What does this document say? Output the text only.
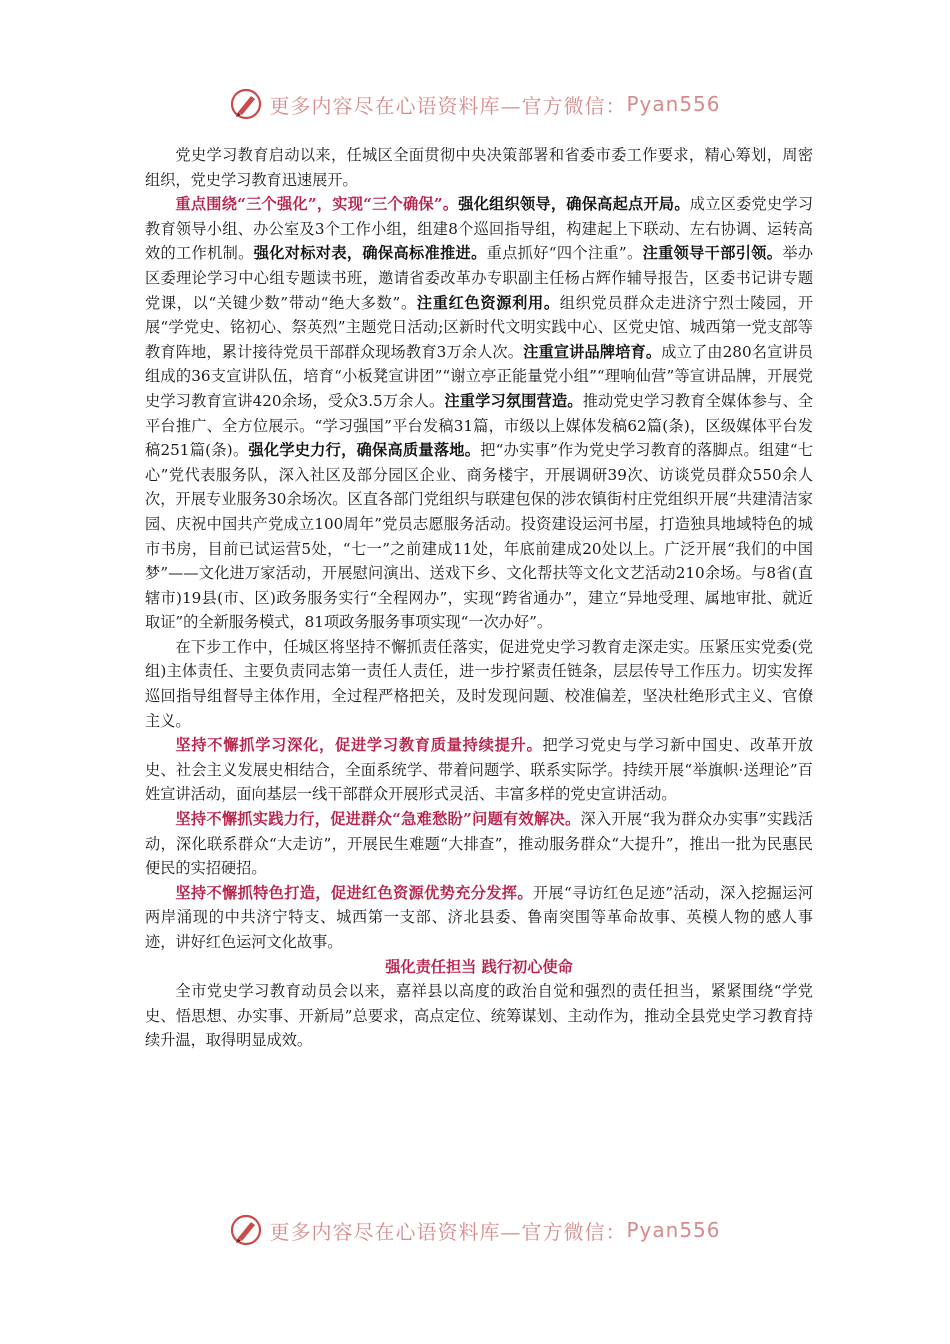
更多内容尽在心语资料库—官方微信： Pyan556

党史学习教育启动以来，任城区全面贯彻中央决策部署和省委市委工作要求，精心筹划，周密组织，党史学习教育迅速展开。

重点围绕“三个强化”，实现“三个确保”。强化组织领导，确保高起点开局。成立区委党史学习教育领导小组、办公室及3个工作小组，组建8个巡回指导组，构建起上下联动、左右协调、运转高效的工作机制。强化对标对表，确保高标准推进。重点抓好“四个注重”。注重领导干部引领。举办区委理论学习中心组专题读书班，邀请省委改革办专职副主任杨占辉作辅导报告，区委书记讲专题党课，以“关键少数”带动“绝大多数”。注重红色资源利用。组织党员群众走进济宁烈士陵园，开展“学党史、铭初心、祭英烈”主题党日活动;区新时代文明实践中心、区党史馆、城西第一党支部等教育阵地，累计接待党员干部群众现场教育3万余人次。注重宣讲品牌培育。成立了由280名宣讲员组成的36支宣讲队伍，培育“小板凳宣讲团”“谢立亭正能量党小组”“理响仙营”等宣讲品牌，开展党史学习教育宣讲420余场，受众3.5万余人。注重学习氛围营造。推动党史学习教育全媒体参与、全平台推广、全方位展示。“学习强国”平台发稿31篇，市级以上媒体发稿62篇(条)，区级媒体平台发稿251篇(条)。强化学史力行，确保高质量落地。把“办实事”作为党史学习教育的落脚点。组建“七心”党代表服务队，深入社区及部分园区企业、商务楼宇，开展调研39次、访谈党员群众550余人次，开展专业服务30余场次。区直各部门党组织与联建包保的涉农镇街村庄党组织开展“共建清洁家园、庆祝中国共产党成立100周年”党员志愿服务活动。投资建设运河书屋，打造独具地域特色的城市书房，目前已试运营5处，“七一”之前建成11处，年底前建成20处以上。广泛开展“我们的中国梦”——文化进万家活动，开展慰问演出、送戏下乡、文化帮扶等文化文艺活动210余场。与8省(直辖市)19县(市、区)政务服务实行“全程网办”，实现“跨省通办”，建立“异地受理、属地审批、就近取证”的全新服务模式，81项政务服务事项实现“一次办好”。

在下步工作中，任城区将坚持不懈抓责任落实，促进党史学习教育走深走实。压紧压实党委(党组)主体责任、主要负责同志第一责任人责任，进一步拧紧责任链条，层层传导工作压力。切实发挥巡回指导组督导主体作用，全过程严格把关，及时发现问题、校准偏差，坚决杜绝形式主义、官僚主义。

坚持不懈抓学习深化，促进学习教育质量持续提升。把学习党史与学习新中国史、改革开放史、社会主义发展史相结合，全面系统学、带着问题学、联系实际学。持续开展“举旗帜·送理论”百姓宣讲活动，面向基层一线干部群众开展形式灵活、丰富多样的党史宣讲活动。

坚持不懈抓实践力行，促进群众“急难愁盼”问题有效解决。深入开展“我为群众办实事”实践活动，深化联系群众“大走访”，开展民生难题“大排查”，推动服务群众“大提升”，推出一批为民惠民便民的实招硬招。

坚持不懈抓特色打造，促进红色资源优势充分发挥。开展“寻访红色足迹”活动，深入挖掘运河两岸涌现的中共济宁特支、城西第一支部、济北县委、鲁南突围等革命故事、英模人物的感人事迹，讲好红色运河文化故事。

强化责任担当 践行初心使命

全市党史学习教育动员会以来，嘉祥县以高度的政治自觉和强烈的责任担当，紧紧围绕“学党史、悟思想、办实事、开新局”总要求，高点定位、统筹谋划、主动作为，推动全县党史学习教育持续升温，取得明显成效。

更多内容尽在心语资料库—官方微信： Pyan556
